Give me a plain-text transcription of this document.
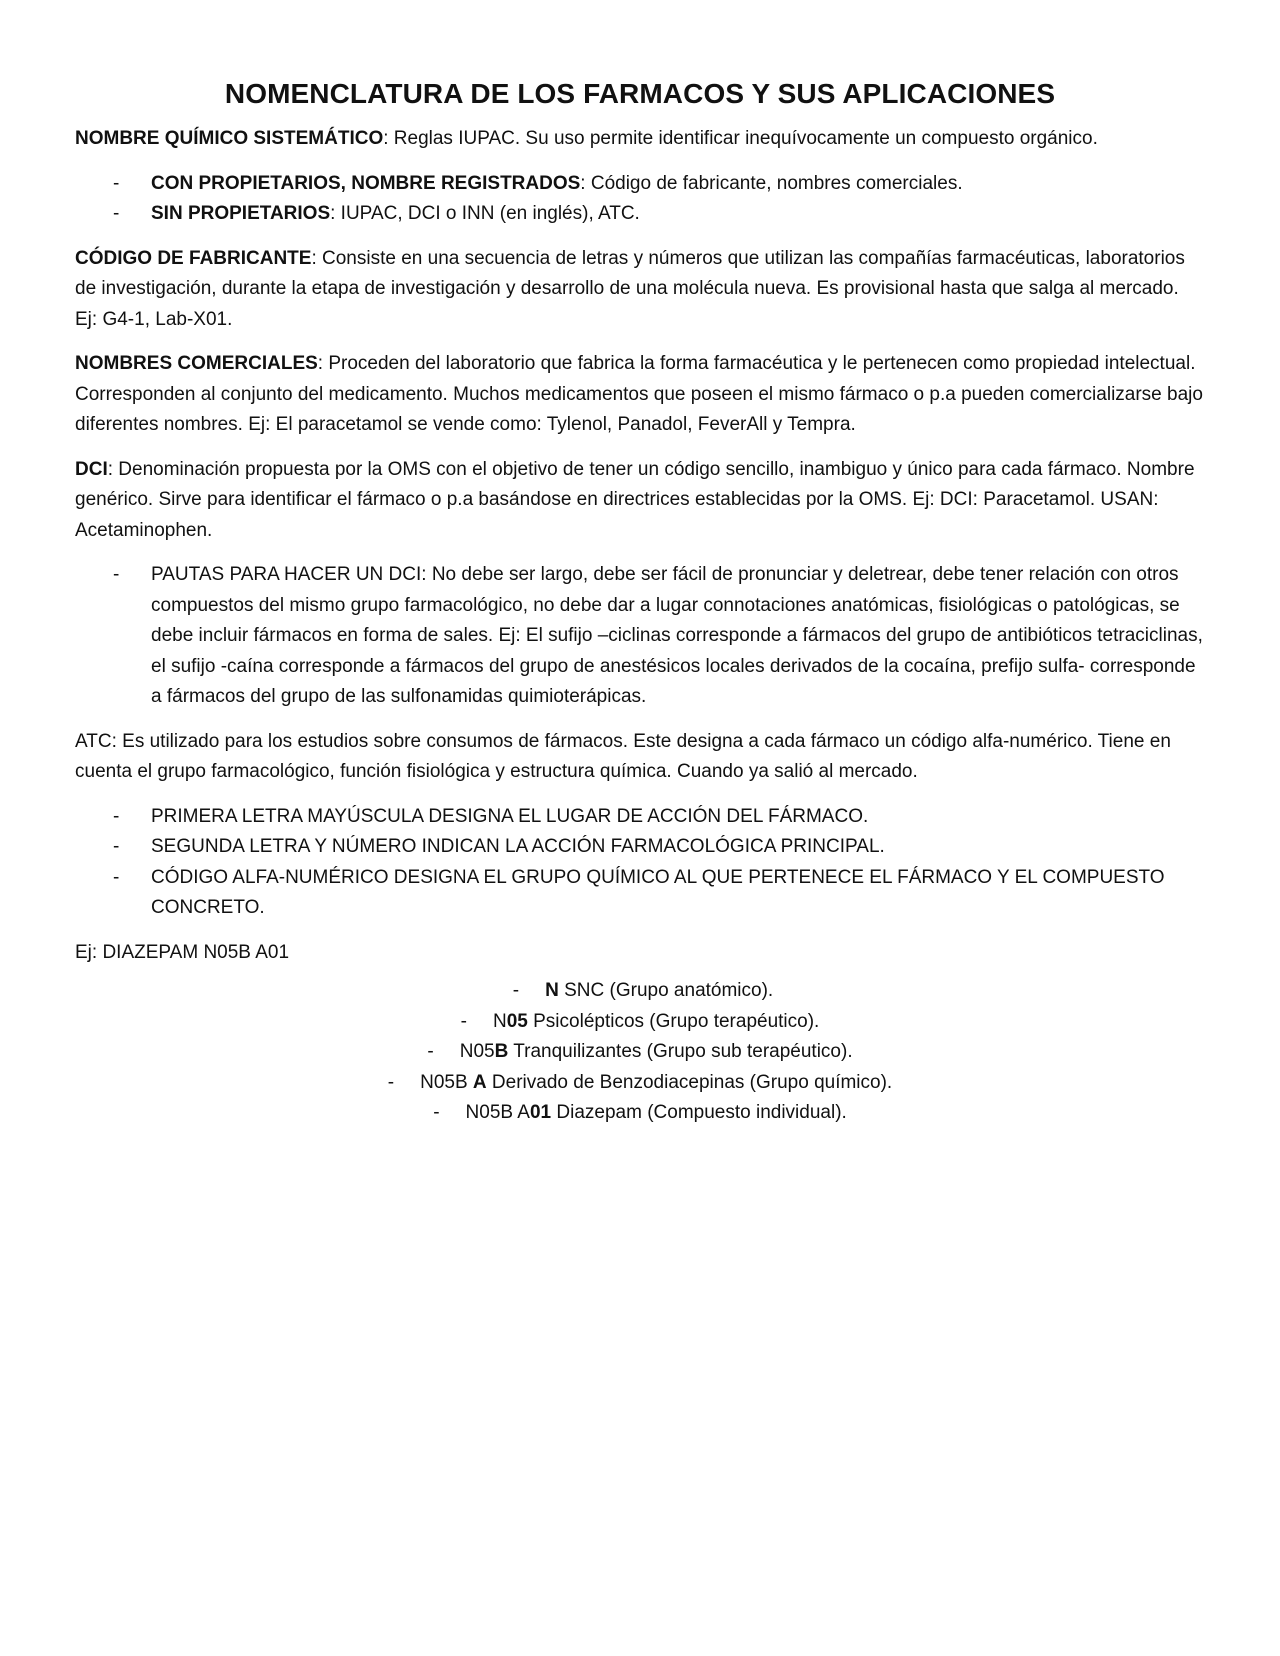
NOMENCLATURA DE LOS FARMACOS Y SUS APLICACIONES

NOMBRE QUÍMICO SISTEMÁTICO: Reglas IUPAC. Su uso permite identificar inequívocamente un compuesto orgánico.

- CON PROPIETARIOS, NOMBRE REGISTRADOS: Código de fabricante, nombres comerciales.
- SIN PROPIETARIOS: IUPAC, DCI o INN (en inglés), ATC.

CÓDIGO DE FABRICANTE: Consiste en una secuencia de letras y números que utilizan las compañías farmacéuticas, laboratorios de investigación, durante la etapa de investigación y desarrollo de una molécula nueva. Es provisional hasta que salga al mercado. Ej: G4-1, Lab-X01.

NOMBRES COMERCIALES: Proceden del laboratorio que fabrica la forma farmacéutica y le pertenecen como propiedad intelectual. Corresponden al conjunto del medicamento. Muchos medicamentos que poseen el mismo fármaco o p.a pueden comercializarse bajo diferentes nombres. Ej: El paracetamol se vende como: Tylenol, Panadol, FeverAll y Tempra.

DCI: Denominación propuesta por la OMS con el objetivo de tener un código sencillo, inambiguo y único para cada fármaco. Nombre genérico. Sirve para identificar el fármaco o p.a basándose en directrices establecidas por la OMS. Ej: DCI: Paracetamol. USAN: Acetaminophen.

- PAUTAS PARA HACER UN DCI: No debe ser largo, debe ser fácil de pronunciar y deletrear, debe tener relación con otros compuestos del mismo grupo farmacológico, no debe dar a lugar connotaciones anatómicas, fisiológicas o patológicas, se debe incluir fármacos en forma de sales. Ej: El sufijo –ciclinas corresponde a fármacos del grupo de antibióticos tetraciclinas, el sufijo -caína corresponde a fármacos del grupo de anestésicos locales derivados de la cocaína, prefijo sulfa- corresponde a fármacos del grupo de las sulfonamidas quimioterápicas.

ATC: Es utilizado para los estudios sobre consumos de fármacos. Este designa a cada fármaco un código alfa-numérico. Tiene en cuenta el grupo farmacológico, función fisiológica y estructura química. Cuando ya salió al mercado.

- PRIMERA LETRA MAYÚSCULA DESIGNA EL LUGAR DE ACCIÓN DEL FÁRMACO.
- SEGUNDA LETRA Y NÚMERO INDICAN LA ACCIÓN FARMACOLÓGICA PRINCIPAL.
- CÓDIGO ALFA-NUMÉRICO DESIGNA EL GRUPO QUÍMICO AL QUE PERTENECE EL FÁRMACO Y EL COMPUESTO CONCRETO.

Ej: DIAZEPAM N05B A01

- N SNC (Grupo anatómico).
- N05 Psicolépticos (Grupo terapéutico).
- N05B Tranquilizantes (Grupo sub terapéutico).
- N05B A Derivado de Benzodiacepinas (Grupo químico).
- N05B A01 Diazepam (Compuesto individual).
